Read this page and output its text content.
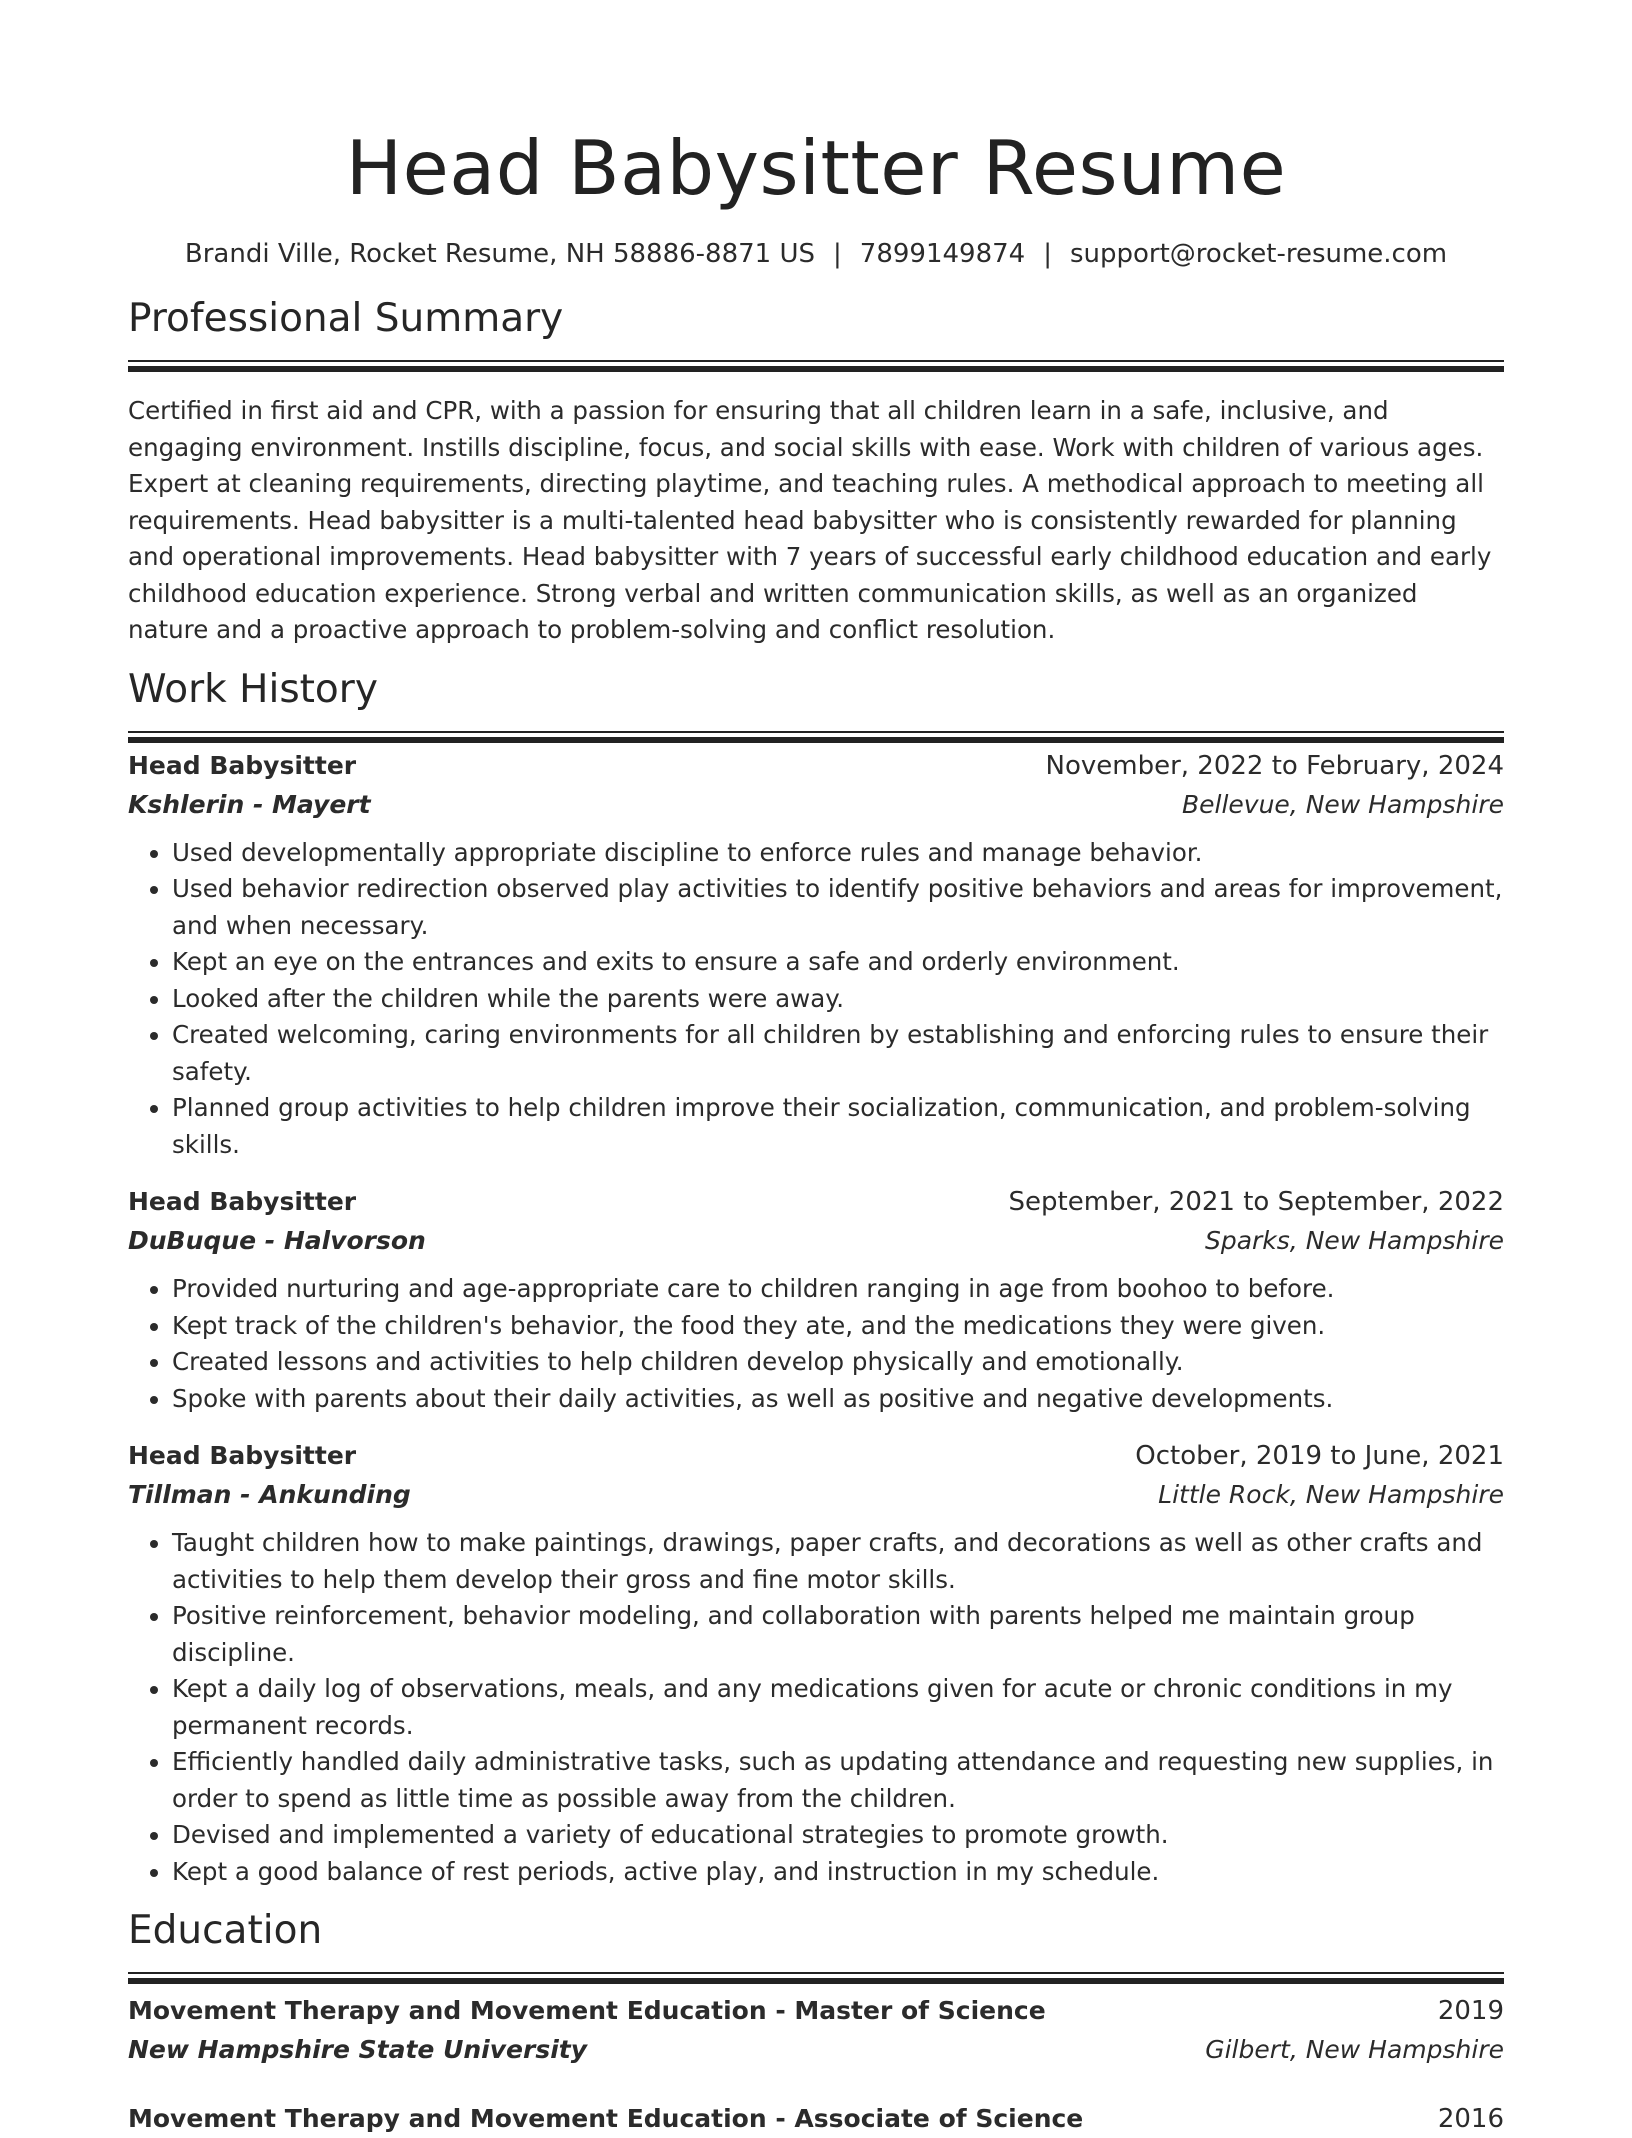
Head Babysitter Resume
Brandi Ville, Rocket Resume, NH 58886-8871 US | 7899149874 | support@rocket-resume.com
Professional Summary
Certified in first aid and CPR, with a passion for ensuring that all children learn in a safe, inclusive, and engaging environment. Instills discipline, focus, and social skills with ease. Work with children of various ages. Expert at cleaning requirements, directing playtime, and teaching rules. A methodical approach to meeting all requirements. Head babysitter is a multi-talented head babysitter who is consistently rewarded for planning and operational improvements. Head babysitter with 7 years of successful early childhood education and early childhood education experience. Strong verbal and written communication skills, as well as an organized nature and a proactive approach to problem-solving and conflict resolution.
Work History
Head Babysitter	November, 2022 to February, 2024
Kshlerin - Mayert	Bellevue, New Hampshire
• Used developmentally appropriate discipline to enforce rules and manage behavior.
• Used behavior redirection observed play activities to identify positive behaviors and areas for improvement, and when necessary.
• Kept an eye on the entrances and exits to ensure a safe and orderly environment.
• Looked after the children while the parents were away.
• Created welcoming, caring environments for all children by establishing and enforcing rules to ensure their safety.
• Planned group activities to help children improve their socialization, communication, and problem-solving skills.
Head Babysitter	September, 2021 to September, 2022
DuBuque - Halvorson	Sparks, New Hampshire
• Provided nurturing and age-appropriate care to children ranging in age from boohoo to before.
• Kept track of the children's behavior, the food they ate, and the medications they were given.
• Created lessons and activities to help children develop physically and emotionally.
• Spoke with parents about their daily activities, as well as positive and negative developments.
Head Babysitter	October, 2019 to June, 2021
Tillman - Ankunding	Little Rock, New Hampshire
• Taught children how to make paintings, drawings, paper crafts, and decorations as well as other crafts and activities to help them develop their gross and fine motor skills.
• Positive reinforcement, behavior modeling, and collaboration with parents helped me maintain group discipline.
• Kept a daily log of observations, meals, and any medications given for acute or chronic conditions in my permanent records.
• Efficiently handled daily administrative tasks, such as updating attendance and requesting new supplies, in order to spend as little time as possible away from the children.
• Devised and implemented a variety of educational strategies to promote growth.
• Kept a good balance of rest periods, active play, and instruction in my schedule.
Education
Movement Therapy and Movement Education - Master of Science	2019
New Hampshire State University	Gilbert, New Hampshire
Movement Therapy and Movement Education - Associate of Science	2016
